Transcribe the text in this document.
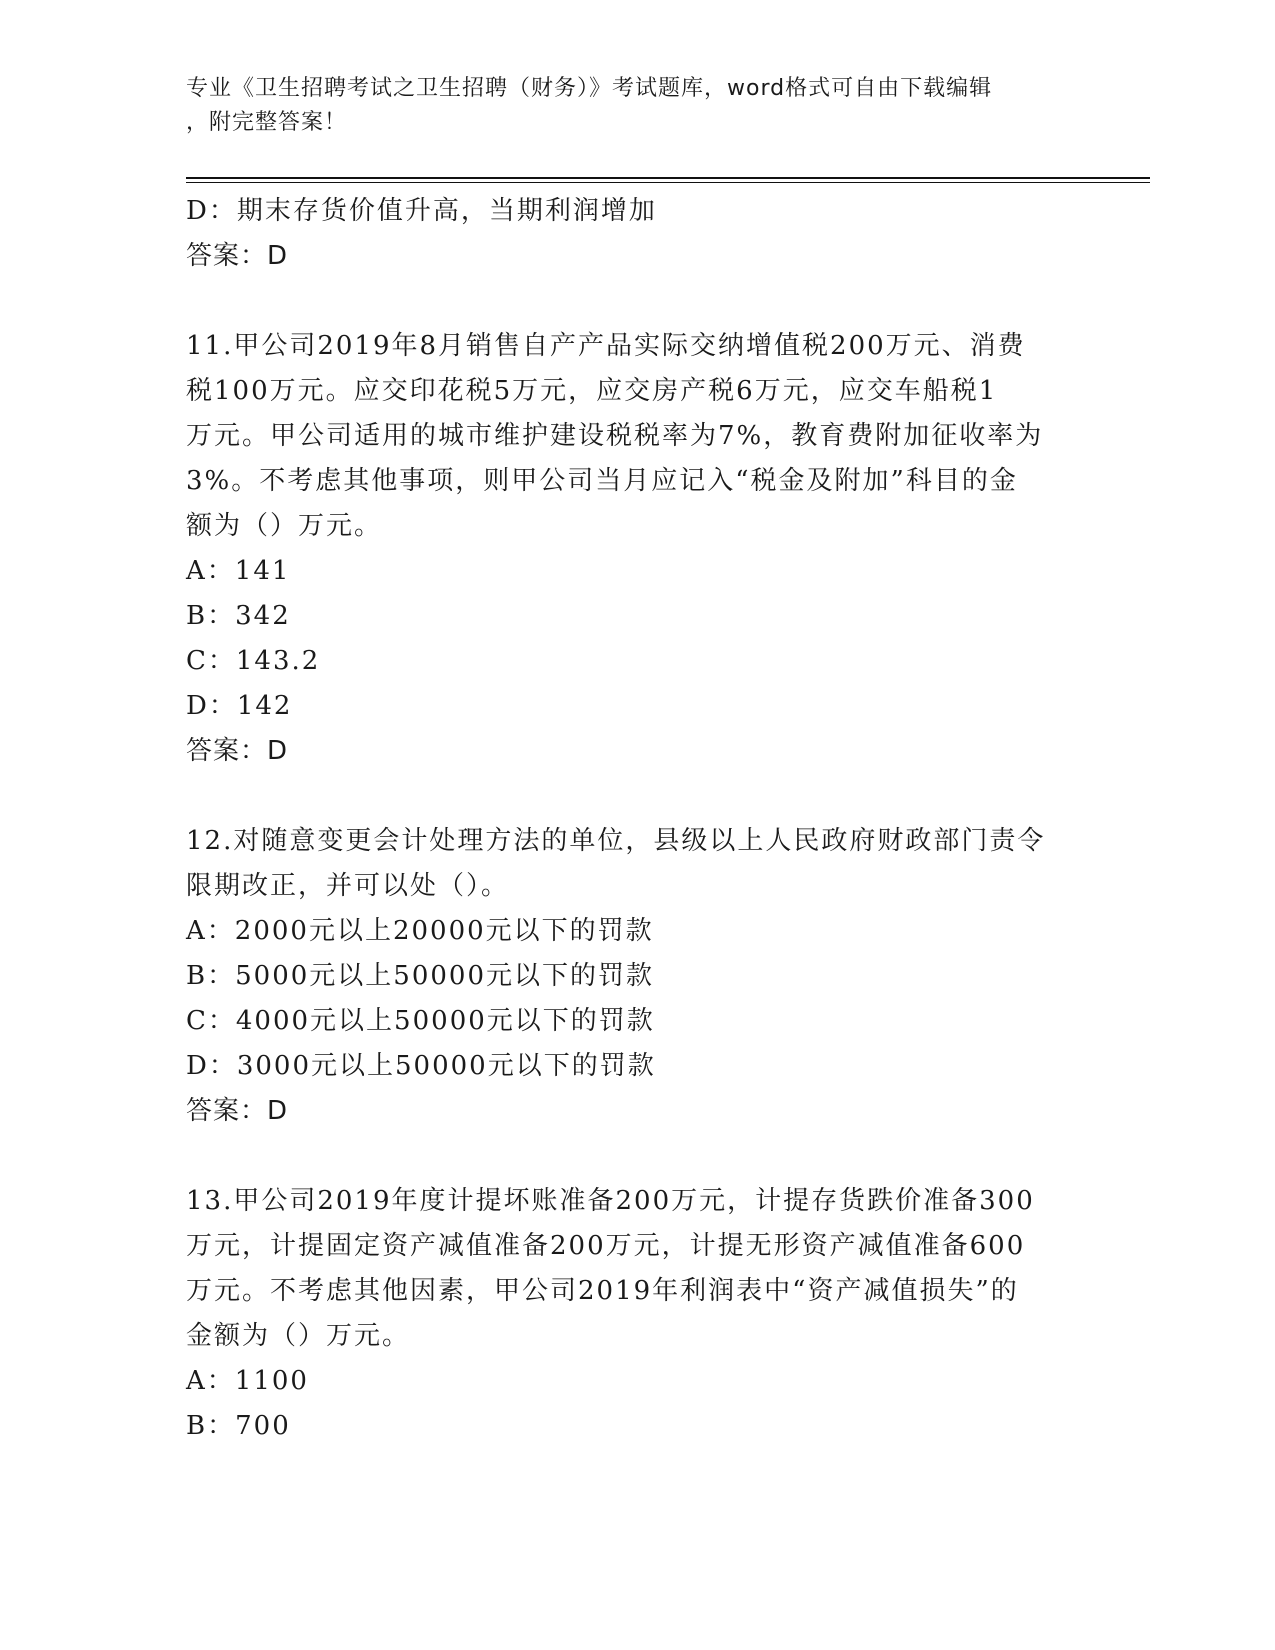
专业《卫生招聘考试之卫生招聘（财务）》考试题库，word格式可自由下载编辑
，附完整答案！
D：期末存货价值升高，当期利润增加
答案：D
11.甲公司2019年8月销售自产产品实际交纳增值税200万元、消费
税100万元。应交印花税5万元，应交房产税6万元，应交车船税1
万元。甲公司适用的城市维护建设税税率为7%，教育费附加征收率为
3%。不考虑其他事项，则甲公司当月应记入“税金及附加”科目的金
额为（）万元。
A：141
B：342
C：143.2
D：142
答案：D
12.对随意变更会计处理方法的单位，县级以上人民政府财政部门责令
限期改正，并可以处（）。
A：2000元以上20000元以下的罚款
B：5000元以上50000元以下的罚款
C：4000元以上50000元以下的罚款
D：3000元以上50000元以下的罚款
答案：D
13.甲公司2019年度计提坏账准备200万元，计提存货跌价准备300
万元，计提固定资产减值准备200万元，计提无形资产减值准备600
万元。不考虑其他因素，甲公司2019年利润表中“资产减值损失”的
金额为（）万元。
A：1100
B：700
